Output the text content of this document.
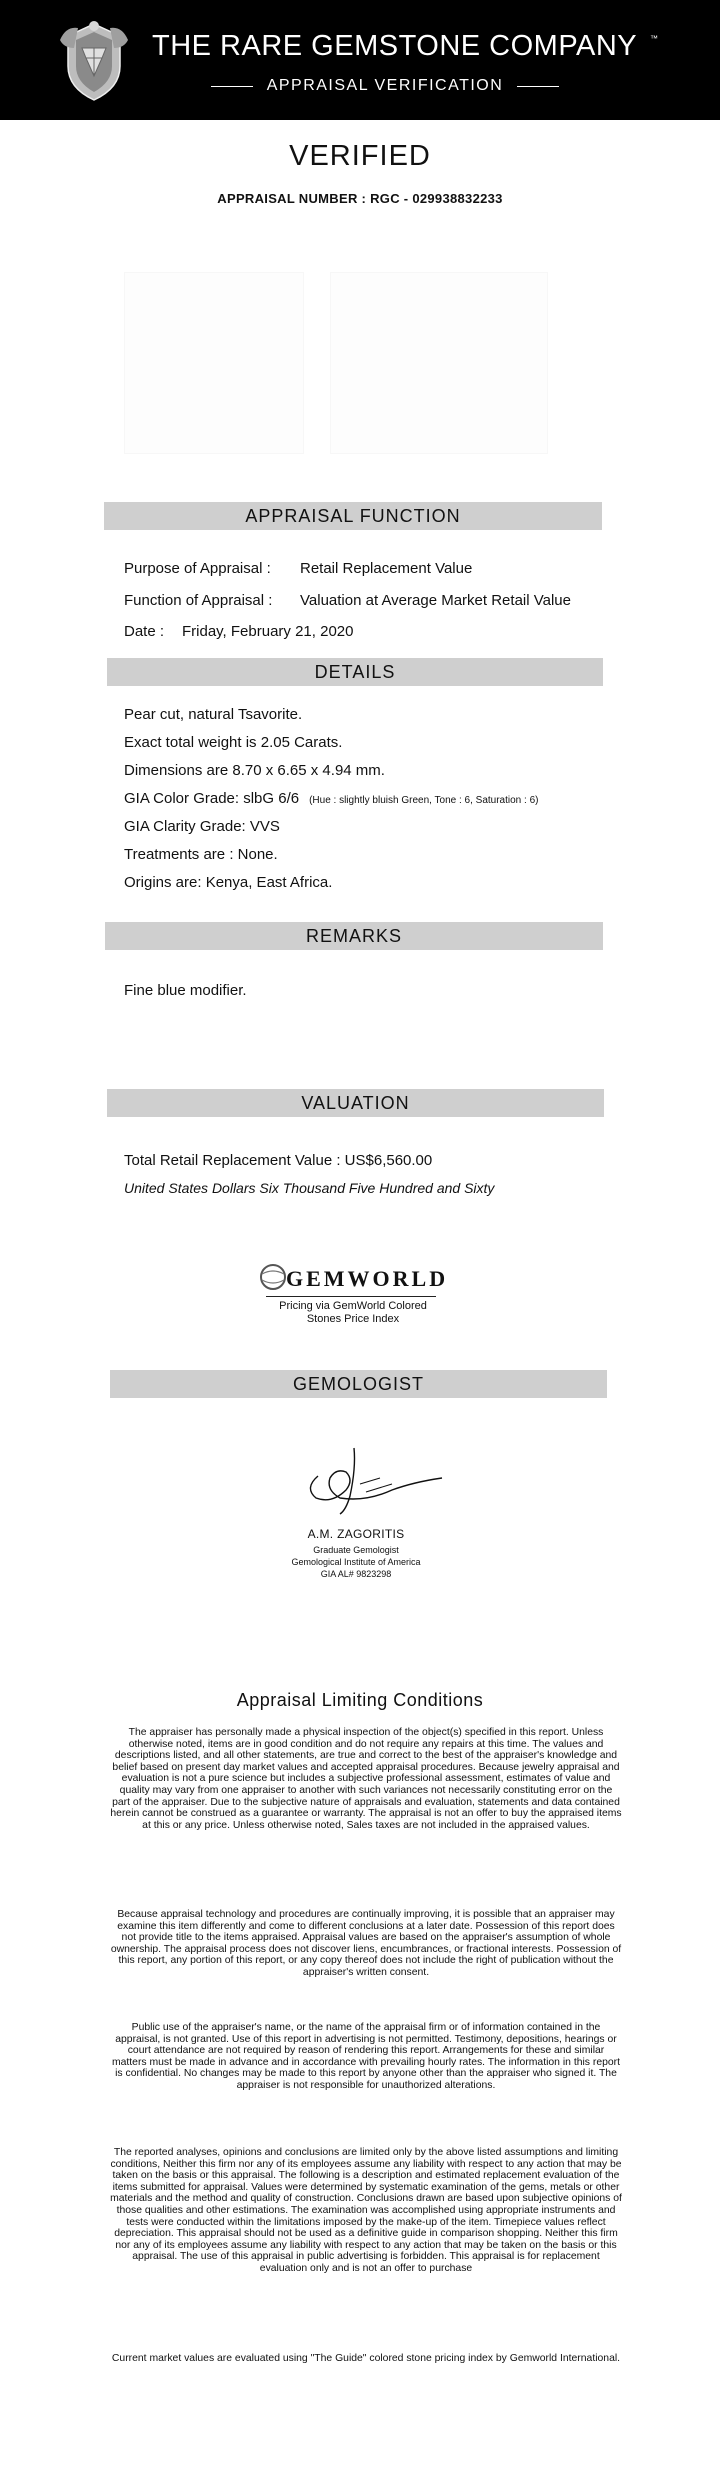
THE RARE GEMSTONE COMPANY ™
APPRAISAL VERIFICATION
VERIFIED
APPRAISAL NUMBER : RGC - 029938832233
APPRAISAL FUNCTION
Purpose of Appraisal : Retail Replacement Value
Function of Appraisal : Valuation at Average Market Retail Value
Date : Friday, February 21, 2020
DETAILS
Pear cut, natural Tsavorite.
Exact total weight is 2.05 Carats.
Dimensions are 8.70 x 6.65 x 4.94 mm.
GIA Color Grade: slbG 6/6 (Hue : slightly bluish Green, Tone : 6, Saturation : 6)
GIA Clarity Grade: VVS
Treatments are : None.
Origins are: Kenya, East Africa.
REMARKS
Fine blue modifier.
VALUATION
Total Retail Replacement Value : US$6,560.00
United States Dollars Six Thousand Five Hundred and Sixty
GEMWORLD
Pricing via GemWorld Colored
Stones Price Index
GEMOLOGIST
A.M. ZAGORITIS
Graduate Gemologist
Gemological Institute of America
GIA AL# 9823298
Appraisal Limiting Conditions
The appraiser has personally made a physical inspection of the object(s) specified in this report. Unless otherwise noted, items are in good condition and do not require any repairs at this time. The values and descriptions listed, and all other statements, are true and correct to the best of the appraiser's knowledge and belief based on present day market values and accepted appraisal procedures. Because jewelry appraisal and evaluation is not a pure science but includes a subjective professional assessment, estimates of value and quality may vary from one appraiser to another with such variances not necessarily constituting error on the part of the appraiser. Due to the subjective nature of appraisals and evaluation, statements and data contained herein cannot be construed as a guarantee or warranty. The appraisal is not an offer to buy the appraised items at this or any price. Unless otherwise noted, Sales taxes are not included in the appraised values.
Because appraisal technology and procedures are continually improving, it is possible that an appraiser may examine this item differently and come to different conclusions at a later date. Possession of this report does not provide title to the items appraised. Appraisal values are based on the appraiser's assumption of whole ownership. The appraisal process does not discover liens, encumbrances, or fractional interests. Possession of this report, any portion of this report, or any copy thereof does not include the right of publication without the appraiser's written consent.
Public use of the appraiser's name, or the name of the appraisal firm or of information contained in the appraisal, is not granted. Use of this report in advertising is not permitted. Testimony, depositions, hearings or court attendance are not required by reason of rendering this report. Arrangements for these and similar matters must be made in advance and in accordance with prevailing hourly rates. The information in this report is confidential. No changes may be made to this report by anyone other than the appraiser who signed it. The appraiser is not responsible for unauthorized alterations.
The reported analyses, opinions and conclusions are limited only by the above listed assumptions and limiting conditions, Neither this firm nor any of its employees assume any liability with respect to any action that may be taken on the basis or this appraisal. The following is a description and estimated replacement evaluation of the items submitted for appraisal. Values were determined by systematic examination of the gems, metals or other materials and the method and quality of construction. Conclusions drawn are based upon subjective opinions of those qualities and other estimations. The examination was accomplished using appropriate instruments and tests were conducted within the limitations imposed by the make-up of the item. Timepiece values reflect depreciation. This appraisal should not be used as a definitive guide in comparison shopping. Neither this firm nor any of its employees assume any liability with respect to any action that may be taken on the basis or this appraisal. The use of this appraisal in public advertising is forbidden. This appraisal is for replacement evaluation only and is not an offer to purchase
Current market values are evaluated using "The Guide" colored stone pricing index by Gemworld International.
